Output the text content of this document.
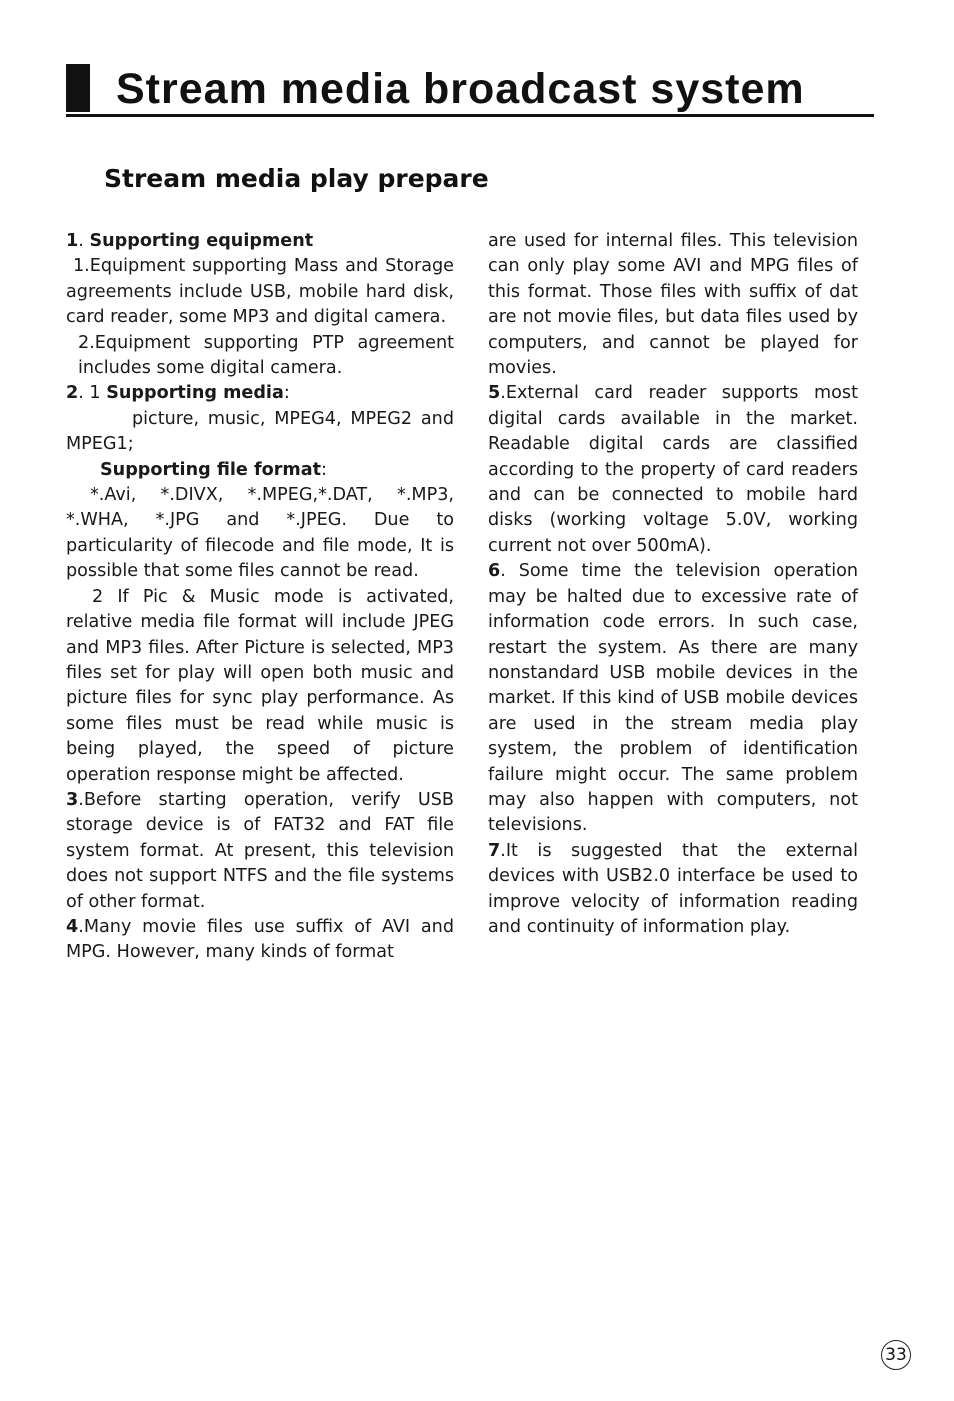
Stream media broadcast system
Stream media play prepare

1. Supporting equipment

1.Equipment supporting Mass and Storage agreements include USB, mobile hard disk, card reader, some MP3 and digital camera.

2.Equipment supporting PTP agreement includes some digital camera.

2. 1 Supporting media:

picture, music, MPEG4, MPEG2 and MPEG1;

Supporting file format:

*.Avi, *.DIVX, *.MPEG,*.DAT, *.MP3, *.WHA, *.JPG and *.JPEG. Due to particularity of filecode and file mode, It is possible that some files cannot be read.

2 If Pic & Music mode is activated, relative media file format will include JPEG and MP3 files. After Picture is selected, MP3 files set for play will open both music and picture files for sync play performance. As some files must be read while music is being played, the speed of picture operation response might be affected.

3.Before starting operation, verify USB storage device is of FAT32 and FAT file system format. At present, this television does not support NTFS and the file systems of other format.

4.Many movie files use suffix of AVI and MPG. However, many kinds of format

are used for internal files. This television can only play some AVI and MPG files of this format. Those files with suffix of dat are not movie files, but data files used by computers, and cannot be played for movies.

5.External card reader supports most digital cards available in the market. Readable digital cards are classified according to the property of card readers and can be connected to mobile hard disks (working voltage 5.0V, working current not over 500mA).

6. Some time the television operation may be halted due to excessive rate of information code errors. In such case, restart the system. As there are many nonstandard USB mobile devices in the market. If this kind of USB mobile devices are used in the stream media play system, the problem of identification failure might occur. The same problem may also happen with computers, not televisions.

7.It is suggested that the external devices with USB2.0 interface be used to improve velocity of information reading and continuity of information play.

33
